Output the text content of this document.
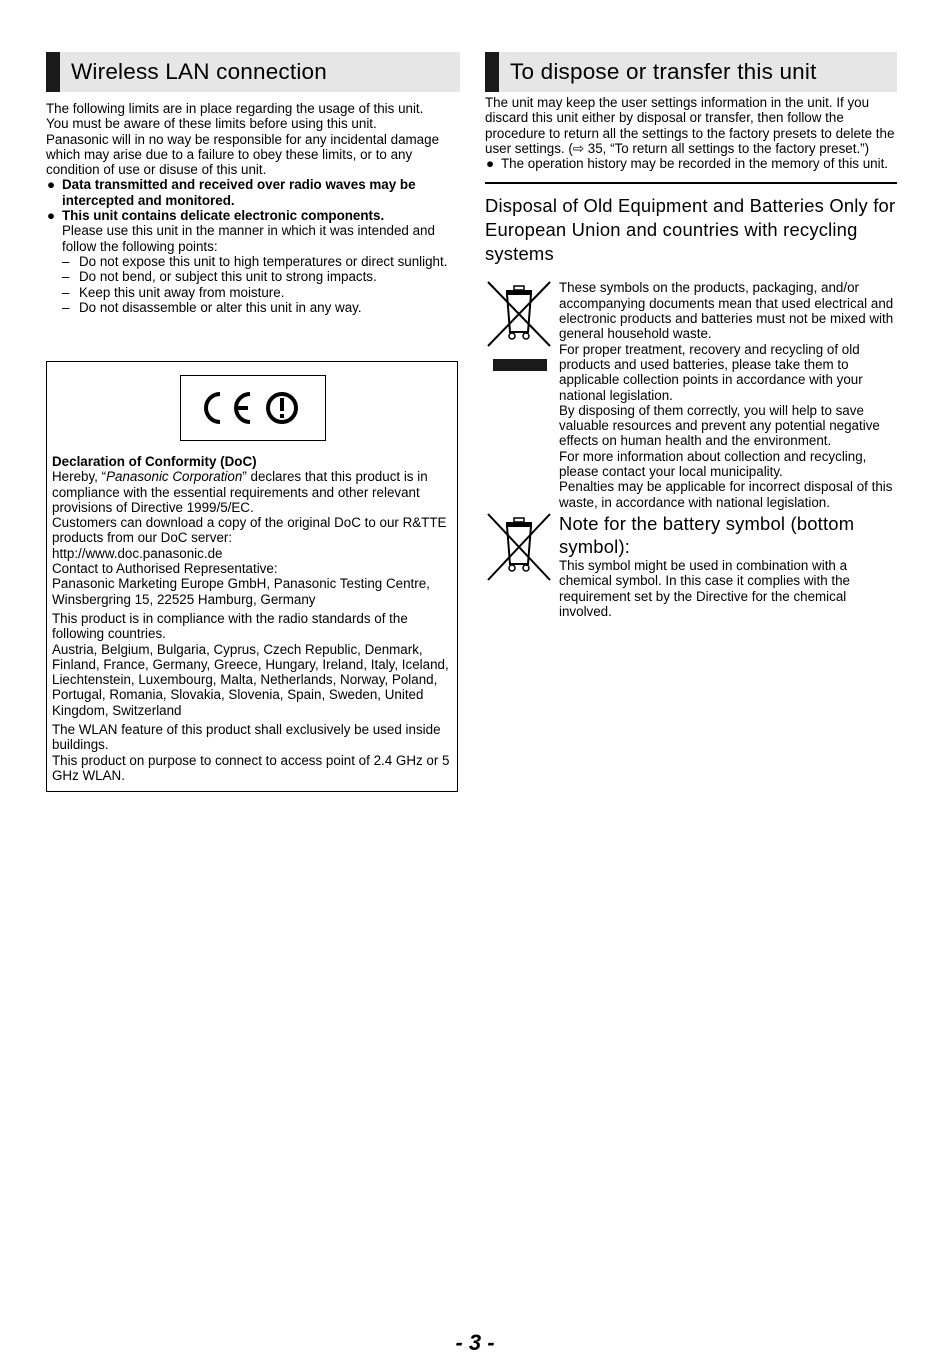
Wireless LAN connection

The following limits are in place regarding the usage of this unit.

You must be aware of these limits before using this unit.

Panasonic will in no way be responsible for any incidental damage which may arise due to a failure to obey these limits, or to any condition of use or disuse of this unit.

● Data transmitted and received over radio waves may be intercepted and monitored.

● This unit contains delicate electronic components.

Please use this unit in the manner in which it was intended and follow the following points:

– Do not expose this unit to high temperatures or direct sunlight.

– Do not bend, or subject this unit to strong impacts.

– Keep this unit away from moisture.

– Do not disassemble or alter this unit in any way.

Declaration of Conformity (DoC)

Hereby, “Panasonic Corporation” declares that this product is in compliance with the essential requirements and other relevant provisions of Directive 1999/5/EC.

Customers can download a copy of the original DoC to our R&TTE products from our DoC server:

http://www.doc.panasonic.de

Contact to Authorised Representative:

Panasonic Marketing Europe GmbH, Panasonic Testing Centre, Winsbergring 15, 22525 Hamburg, Germany

This product is in compliance with the radio standards of the following countries.

Austria, Belgium, Bulgaria, Cyprus, Czech Republic, Denmark, Finland, France, Germany, Greece, Hungary, Ireland, Italy, Iceland, Liechtenstein, Luxembourg, Malta, Netherlands, Norway, Poland, Portugal, Romania, Slovakia, Slovenia, Spain, Sweden, United Kingdom, Switzerland

The WLAN feature of this product shall exclusively be used inside buildings.

This product on purpose to connect to access point of 2.4 GHz or 5 GHz WLAN.

To dispose or transfer this unit

The unit may keep the user settings information in the unit. If you discard this unit either by disposal or transfer, then follow the procedure to return all the settings to the factory presets to delete the user settings. (⇨ 35, “To return all settings to the factory preset.”)

● The operation history may be recorded in the memory of this unit.

Disposal of Old Equipment and Batteries Only for European Union and countries with recycling systems

These symbols on the products, packaging, and/or accompanying documents mean that used electrical and electronic products and batteries must not be mixed with general household waste.

For proper treatment, recovery and recycling of old products and used batteries, please take them to applicable collection points in accordance with your national legislation.

By disposing of them correctly, you will help to save valuable resources and prevent any potential negative effects on human health and the environment.

For more information about collection and recycling, please contact your local municipality.

Penalties may be applicable for incorrect disposal of this waste, in accordance with national legislation.

Note for the battery symbol (bottom symbol):

This symbol might be used in combination with a chemical symbol. In this case it complies with the requirement set by the Directive for the chemical involved.

- 3 -
